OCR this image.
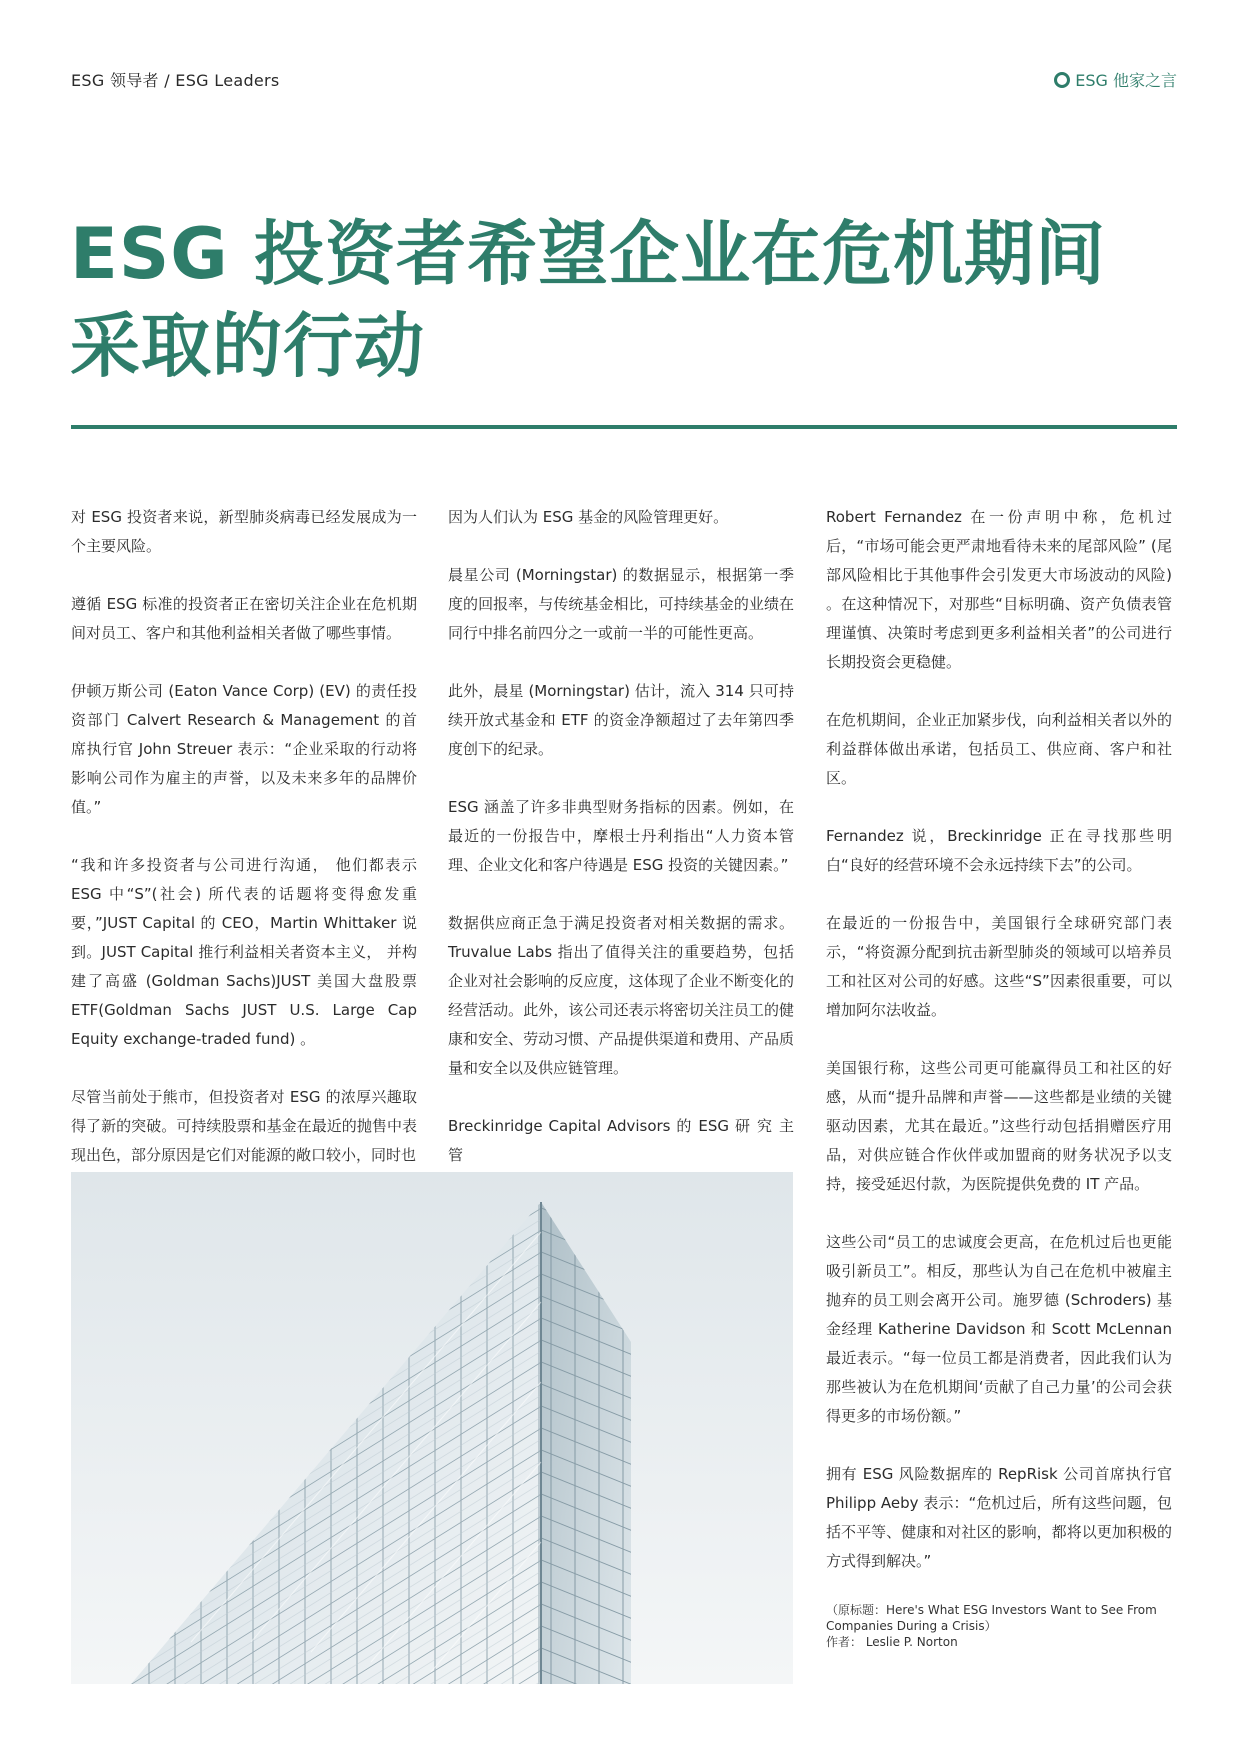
ESG 领导者 / ESG Leaders	ESG 他家之言
ESG 投资者希望企业在危机期间
采取的行动

对 ESG 投资者来说，新型肺炎病毒已经发展成为一个主要风险。

遵循 ESG 标准的投资者正在密切关注企业在危机期间对员工、客户和其他利益相关者做了哪些事情。

伊顿万斯公司 (Eaton Vance Corp) (EV) 的责任投资部门 Calvert Research & Management 的首席执行官 John Streuer 表示：“企业采取的行动将影响公司作为雇主的声誉，以及未来多年的品牌价值。”

“我和许多投资者与公司进行沟通， 他们都表示 ESG 中“S”(社会) 所代表的话题将变得愈发重要，”JUST Capital 的 CEO，Martin Whittaker 说 到。JUST Capital 推行利益相关者资本主义， 并构建了高盛 (Goldman Sachs)JUST 美国大盘股票 ETF(Goldman Sachs JUST U.S. Large Cap Equity exchange-traded fund) 。

尽管当前处于熊市，但投资者对 ESG 的浓厚兴趣取得了新的突破。可持续股票和基金在最近的抛售中表现出色，部分原因是它们对能源的敞口较小，同时也

因为人们认为 ESG 基金的风险管理更好。

晨星公司 (Morningstar) 的数据显示，根据第一季度的回报率，与传统基金相比，可持续基金的业绩在同行中排名前四分之一或前一半的可能性更高。

此外，晨星 (Morningstar) 估计，流入 314 只可持续开放式基金和 ETF 的资金净额超过了去年第四季度创下的纪录。

ESG 涵盖了许多非典型财务指标的因素。例如，在最近的一份报告中，摩根士丹利指出“人力资本管理、企业文化和客户待遇是 ESG 投资的关键因素。”

数据供应商正急于满足投资者对相关数据的需求。Truvalue Labs 指出了值得关注的重要趋势，包括企业对社会影响的反应度，这体现了企业不断变化的经营活动。此外，该公司还表示将密切关注员工的健康和安全、劳动习惯、产品提供渠道和费用、产品质量和安全以及供应链管理。

Breckinridge Capital Advisors 的 ESG 研 究 主 管

Robert Fernandez 在一份声明中称，危机过后，“市场可能会更严肃地看待未来的尾部风险” (尾部风险相比于其他事件会引发更大市场波动的风险) 。在这种情况下，对那些“目标明确、资产负债表管理谨慎、决策时考虑到更多利益相关者”的公司进行长期投资会更稳健。

在危机期间，企业正加紧步伐，向利益相关者以外的利益群体做出承诺，包括员工、供应商、客户和社区。

Fernandez 说，Breckinridge 正在寻找那些明白“良好的经营环境不会永远持续下去”的公司。

在最近的一份报告中，美国银行全球研究部门表示，“将资源分配到抗击新型肺炎的领域可以培养员工和社区对公司的好感。这些“S”因素很重要，可以增加阿尔法收益。

美国银行称，这些公司更可能赢得员工和社区的好感，从而“提升品牌和声誉——这些都是业绩的关键驱动因素，尤其在最近。”这些行动包括捐赠医疗用品，对供应链合作伙伴或加盟商的财务状况予以支持，接受延迟付款，为医院提供免费的 IT 产品。

这些公司“员工的忠诚度会更高，在危机过后也更能吸引新员工”。相反，那些认为自己在危机中被雇主抛弃的员工则会离开公司。施罗德 (Schroders) 基金经理 Katherine Davidson 和 Scott McLennan 最近表示。“每一位员工都是消费者，因此我们认为那些被认为在危机期间‘贡献了自己力量’的公司会获得更多的市场份额。”

拥有 ESG 风险数据库的 RepRisk 公司首席执行官 Philipp Aeby 表示：“危机过后，所有这些问题，包括不平等、健康和对社区的影响，都将以更加积极的方式得到解决。”

（原标题：Here's What ESG Investors Want to See From Companies During a Crisis）
作者： Leslie P. Norton
